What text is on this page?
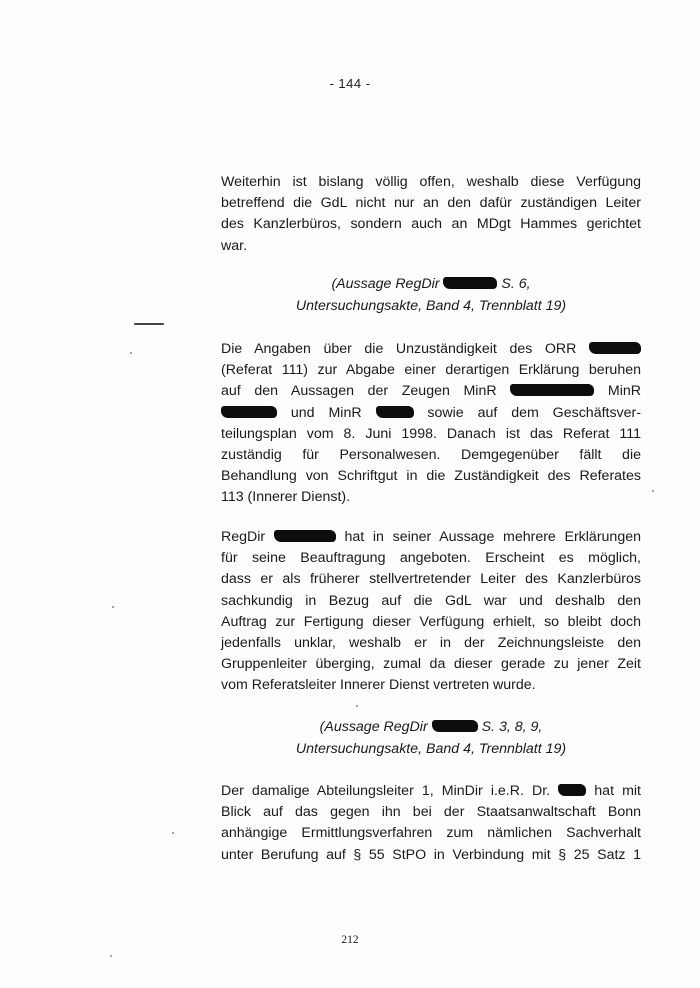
- 144 -
Weiterhin ist bislang völlig offen, weshalb diese Verfügung
betreffend die GdL nicht nur an den dafür zuständigen Leiter
des Kanzlerbüros, sondern auch an MDgt Hammes gerichtet
war.
(Aussage RegDir	S. 6,
Untersuchungsakte, Band 4, Trennblatt 19)
Die Angaben über die Unzuständigkeit des ORR
(Referat 111) zur Abgabe einer derartigen Erklärung beruhen
auf den Aussagen der Zeugen MinR	MinR
und MinR	sowie auf dem Geschäftsver-
teilungsplan vom 8. Juni 1998. Danach ist das Referat 111
zuständig für Personalwesen. Demgegenüber fällt die
Behandlung von Schriftgut in die Zuständigkeit des Referates
113 (Innerer Dienst).
RegDir	hat in seiner Aussage mehrere Erklärungen
für seine Beauftragung angeboten. Erscheint es möglich,
dass er als früherer stellvertretender Leiter des Kanzlerbüros
sachkundig in Bezug auf die GdL war und deshalb den
Auftrag zur Fertigung dieser Verfügung erhielt, so bleibt doch
jedenfalls unklar, weshalb er in der Zeichnungsleiste den
Gruppenleiter überging, zumal da dieser gerade zu jener Zeit
vom Referatsleiter Innerer Dienst vertreten wurde.
(Aussage RegDir	S. 3, 8, 9,
Untersuchungsakte, Band 4, Trennblatt 19)
Der damalige Abteilungsleiter 1, MinDir i.e.R. Dr.	hat mit
Blick auf das gegen ihn bei der Staatsanwaltschaft Bonn
anhängige Ermittlungsverfahren zum nämlichen Sachverhalt
unter Berufung auf § 55 StPO in Verbindung mit § 25 Satz 1
212
